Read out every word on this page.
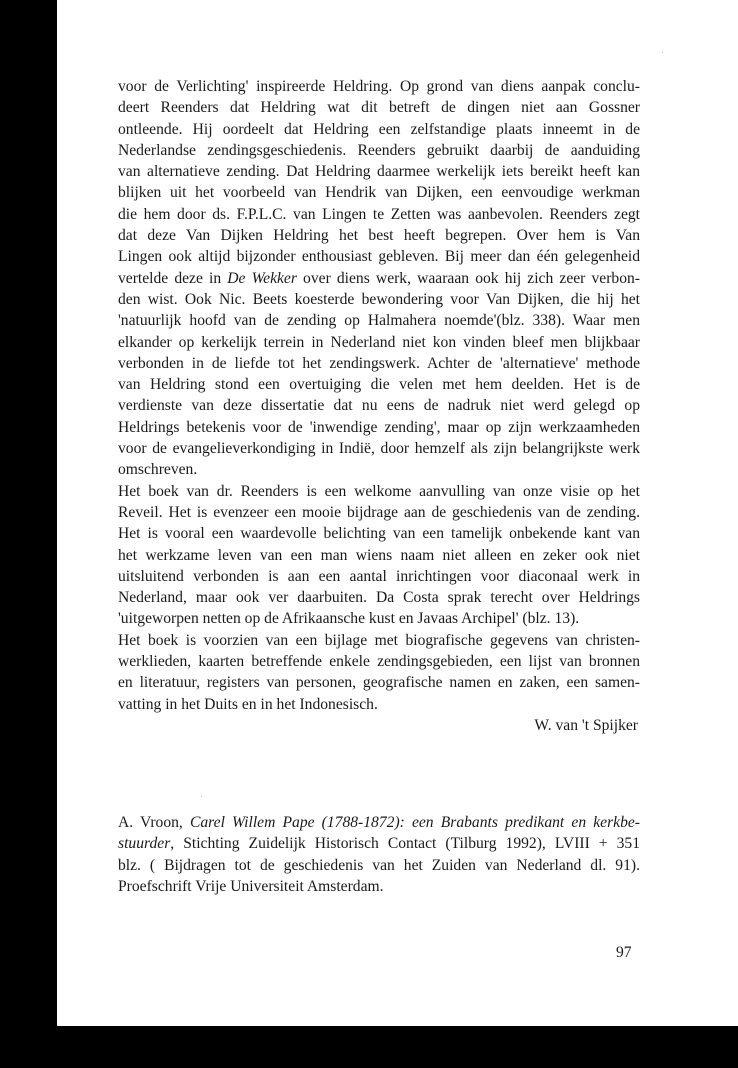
voor de Verlichting' inspireerde Heldring. Op grond van diens aanpak conclu-
deert Reenders dat Heldring wat dit betreft de dingen niet aan Gossner
ontleende. Hij oordeelt dat Heldring een zelfstandige plaats inneemt in de
Nederlandse zendingsgeschiedenis. Reenders gebruikt daarbij de aanduiding
van alternatieve zending. Dat Heldring daarmee werkelijk iets bereikt heeft kan
blijken uit het voorbeeld van Hendrik van Dijken, een eenvoudige werkman
die hem door ds. F.P.L.C. van Lingen te Zetten was aanbevolen. Reenders zegt
dat deze Van Dijken Heldring het best heeft begrepen. Over hem is Van
Lingen ook altijd bijzonder enthousiast gebleven. Bij meer dan één gelegenheid
vertelde deze in De Wekker over diens werk, waaraan ook hij zich zeer verbon-
den wist. Ook Nic. Beets koesterde bewondering voor Van Dijken, die hij het
'natuurlijk hoofd van de zending op Halmahera noemde'(blz. 338). Waar men
elkander op kerkelijk terrein in Nederland niet kon vinden bleef men blijkbaar
verbonden in de liefde tot het zendingswerk. Achter de 'alternatieve' methode
van Heldring stond een overtuiging die velen met hem deelden. Het is de
verdienste van deze dissertatie dat nu eens de nadruk niet werd gelegd op
Heldrings betekenis voor de 'inwendige zending', maar op zijn werkzaamheden
voor de evangelieverkondiging in Indië, door hemzelf als zijn belangrijkste werk
omschreven.

Het boek van dr. Reenders is een welkome aanvulling van onze visie op het
Reveil. Het is evenzeer een mooie bijdrage aan de geschiedenis van de zending.
Het is vooral een waardevolle belichting van een tamelijk onbekende kant van
het werkzame leven van een man wiens naam niet alleen en zeker ook niet
uitsluitend verbonden is aan een aantal inrichtingen voor diaconaal werk in
Nederland, maar ook ver daarbuiten. Da Costa sprak terecht over Heldrings
'uitgeworpen netten op de Afrikaansche kust en Javaas Archipel' (blz. 13).

Het boek is voorzien van een bijlage met biografische gegevens van christen-
werklieden, kaarten betreffende enkele zendingsgebieden, een lijst van bronnen
en literatuur, registers van personen, geografische namen en zaken, een samen-
vatting in het Duits en in het Indonesisch.

W. van 't Spijker

A. Vroon, Carel Willem Pape (1788-1872): een Brabants predikant en kerkbe-
stuurder, Stichting Zuidelijk Historisch Contact (Tilburg 1992), LVIII + 351
blz. ( Bijdragen tot de geschiedenis van het Zuiden van Nederland dl. 91).
Proefschrift Vrije Universiteit Amsterdam.
97
